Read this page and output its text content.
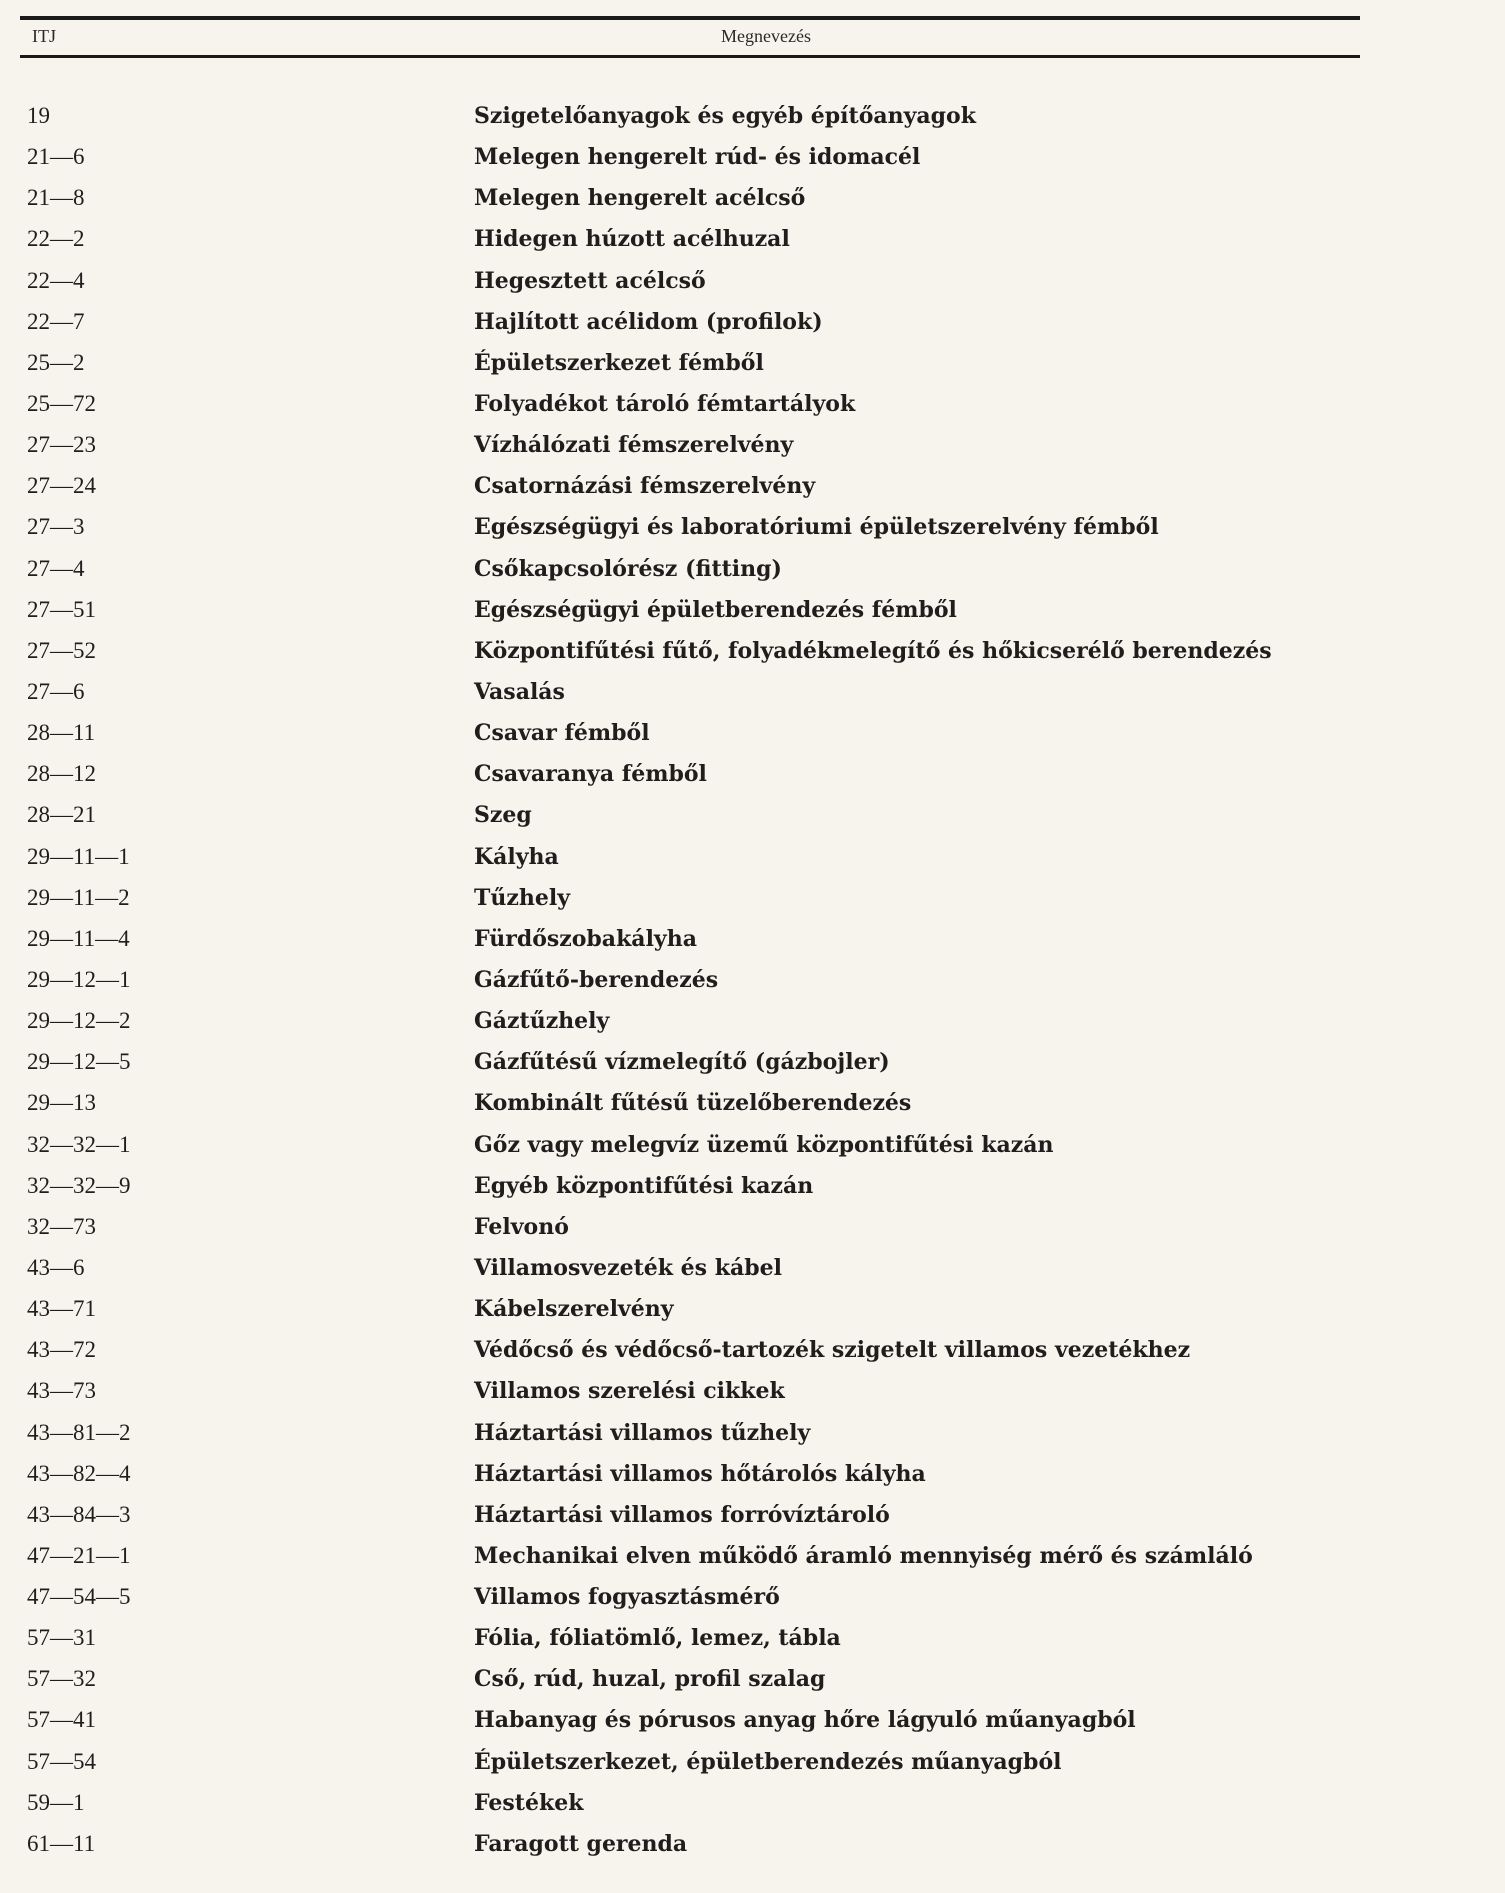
ITJ	Megnevezés
19	Szigetelőanyagok és egyéb építőanyagok
21—6	Melegen hengerelt rúd- és idomacél
21—8	Melegen hengerelt acélcső
22—2	Hidegen húzott acélhuzal
22—4	Hegesztett acélcső
22—7	Hajlított acélidom (profilok)
25—2	Épületszerkezet fémből
25—72	Folyadékot tároló fémtartályok
27—23	Vízhálózati fémszerelvény
27—24	Csatornázási fémszerelvény
27—3	Egészségügyi és laboratóriumi épületszerelvény fémből
27—4	Csőkapcsolórész (fitting)
27—51	Egészségügyi épületberendezés fémből
27—52	Központifűtési fűtő, folyadékmelegítő és hőkicserélő berendezés
27—6	Vasalás
28—11	Csavar fémből
28—12	Csavaranya fémből
28—21	Szeg
29—11—1	Kályha
29—11—2	Tűzhely
29—11—4	Fürdőszobakályha
29—12—1	Gázfűtő-berendezés
29—12—2	Gáztűzhely
29—12—5	Gázfűtésű vízmelegítő (gázbojler)
29—13	Kombinált fűtésű tüzelőberendezés
32—32—1	Gőz vagy melegvíz üzemű központifűtési kazán
32—32—9	Egyéb központifűtési kazán
32—73	Felvonó
43—6	Villamosvezeték és kábel
43—71	Kábelszerelvény
43—72	Védőcső és védőcső-tartozék szigetelt villamos vezetékhez
43—73	Villamos szerelési cikkek
43—81—2	Háztartási villamos tűzhely
43—82—4	Háztartási villamos hőtárolós kályha
43—84—3	Háztartási villamos forróvíztároló
47—21—1	Mechanikai elven működő áramló mennyiség mérő és számláló
47—54—5	Villamos fogyasztásmérő
57—31	Fólia, fóliatömlő, lemez, tábla
57—32	Cső, rúd, huzal, profil szalag
57—41	Habanyag és pórusos anyag hőre lágyuló műanyagból
57—54	Épületszerkezet, épületberendezés műanyagból
59—1	Festékek
61—11	Faragott gerenda
